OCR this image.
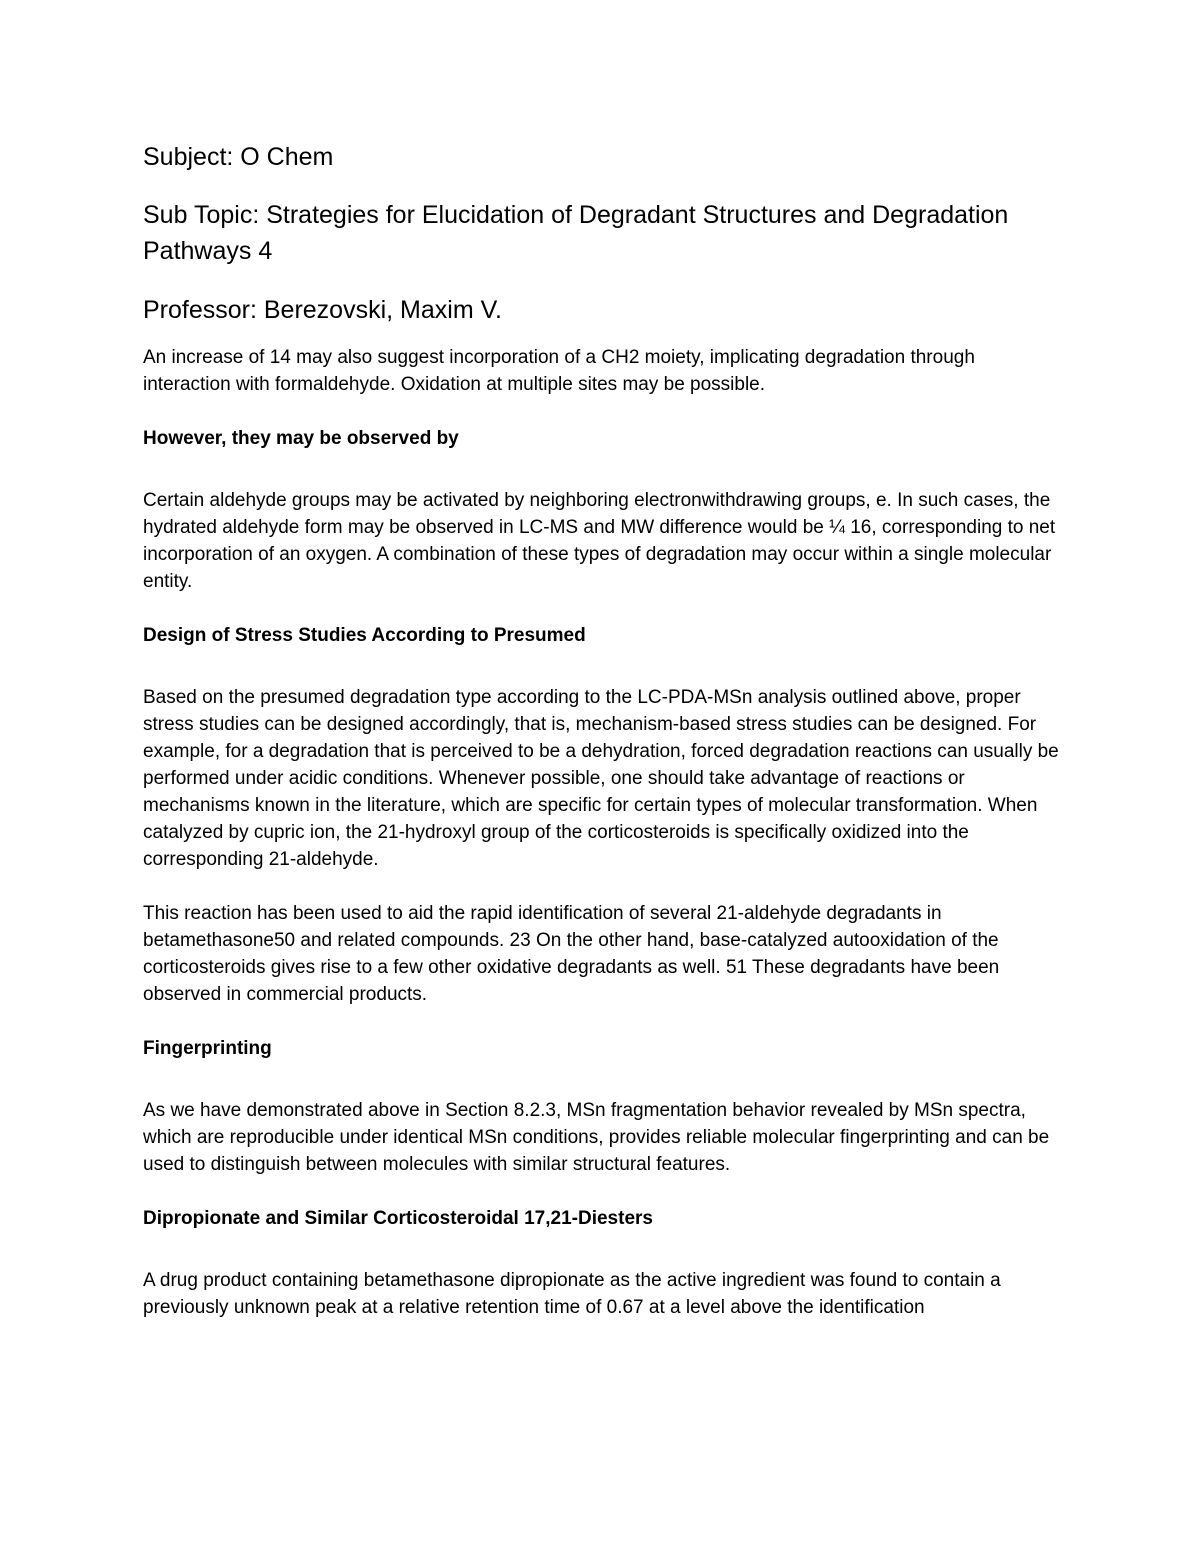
Subject: O Chem
Sub Topic: Strategies for Elucidation of Degradant Structures and Degradation Pathways 4
Professor: Berezovski, Maxim V.

An increase of 14 may also suggest incorporation of a CH2 moiety, implicating degradation through interaction with formaldehyde. Oxidation at multiple sites may be possible.

However, they may be observed by

Certain aldehyde groups may be activated by neighboring electronwithdrawing groups, e. In such cases, the hydrated aldehyde form may be observed in LC-MS and MW difference would be ¼ 16, corresponding to net incorporation of an oxygen. A combination of these types of degradation may occur within a single molecular entity.

Design of Stress Studies According to Presumed

Based on the presumed degradation type according to the LC-PDA-MSn analysis outlined above, proper stress studies can be designed accordingly, that is, mechanism-based stress studies can be designed. For example, for a degradation that is perceived to be a dehydration, forced degradation reactions can usually be performed under acidic conditions. Whenever possible, one should take advantage of reactions or mechanisms known in the literature, which are specific for certain types of molecular transformation. When catalyzed by cupric ion, the 21-hydroxyl group of the corticosteroids is specifically oxidized into the corresponding 21-aldehyde.

This reaction has been used to aid the rapid identification of several 21-aldehyde degradants in betamethasone50 and related compounds. 23 On the other hand, base-catalyzed autooxidation of the corticosteroids gives rise to a few other oxidative degradants as well. 51 These degradants have been observed in commercial products.

Fingerprinting

As we have demonstrated above in Section 8.2.3, MSn fragmentation behavior revealed by MSn spectra, which are reproducible under identical MSn conditions, provides reliable molecular fingerprinting and can be used to distinguish between molecules with similar structural features.

Dipropionate and Similar Corticosteroidal 17,21-Diesters

A drug product containing betamethasone dipropionate as the active ingredient was found to contain a previously unknown peak at a relative retention time of 0.67 at a level above the identification
